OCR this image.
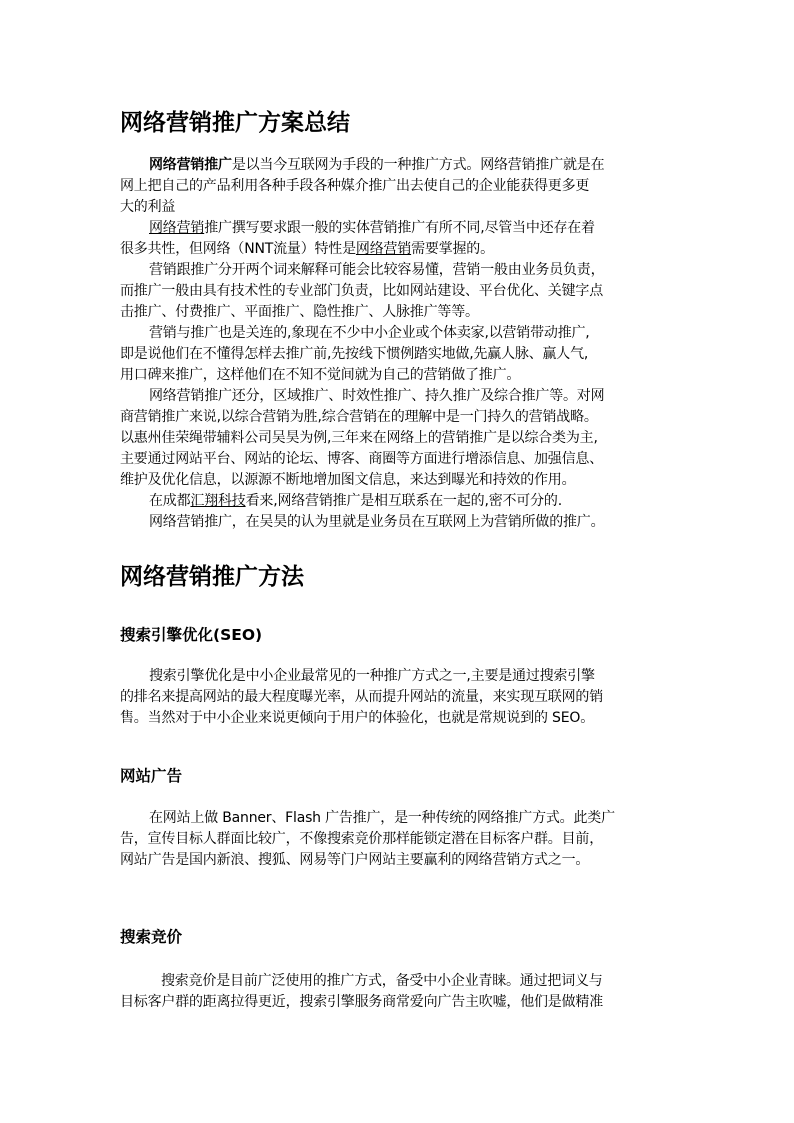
网络营销推广方案总结
网络营销推广是以当今互联网为手段的一种推广方式。网络营销推广就是在
网上把自己的产品利用各种手段各种媒介推广出去使自己的企业能获得更多更
大的利益
网络营销推广撰写要求跟一般的实体营销推广有所不同,尽管当中还存在着
很多共性，但网络（NNT流量）特性是网络营销需要掌握的。
营销跟推广分开两个词来解释可能会比较容易懂，营销一般由业务员负责，
而推广一般由具有技术性的专业部门负责，比如网站建设、平台优化、关键字点
击推广、付费推广、平面推广、隐性推广、人脉推广等等。
营销与推广也是关连的,象现在不少中小企业或个体卖家,以营销带动推广,
即是说他们在不懂得怎样去推广前,先按线下惯例踏实地做,先赢人脉、赢人气,
用口碑来推广，这样他们在不知不觉间就为自己的营销做了推广。
网络营销推广还分，区域推广、时效性推广、持久推广及综合推广等。对网
商营销推广来说,以综合营销为胜,综合营销在的理解中是一门持久的营销战略。
以惠州佳荣绳带辅料公司吴昊为例,三年来在网络上的营销推广是以综合类为主,
主要通过网站平台、网站的论坛、博客、商圈等方面进行增添信息、加强信息、
维护及优化信息，以源源不断地增加图文信息，来达到曝光和持效的作用。
在成都汇翔科技看来,网络营销推广是相互联系在一起的,密不可分的.
网络营销推广，在吴昊的认为里就是业务员在互联网上为营销所做的推广。
网络营销推广方法
搜索引擎优化(SEO)
搜索引擎优化是中小企业最常见的一种推广方式之一,主要是通过搜索引擎
的排名来提高网站的最大程度曝光率，从而提升网站的流量，来实现互联网的销
售。当然对于中小企业来说更倾向于用户的体验化，也就是常规说到的 SEO。
网站广告
在网站上做 Banner、Flash 广告推广，是一种传统的网络推广方式。此类广
告，宣传目标人群面比较广，不像搜索竞价那样能锁定潜在目标客户群。目前，
网站广告是国内新浪、搜狐、网易等门户网站主要赢利的网络营销方式之一。
搜索竞价
搜索竞价是目前广泛使用的推广方式，备受中小企业青睐。通过把词义与
目标客户群的距离拉得更近，搜索引擎服务商常爱向广告主吹嘘，他们是做精准
